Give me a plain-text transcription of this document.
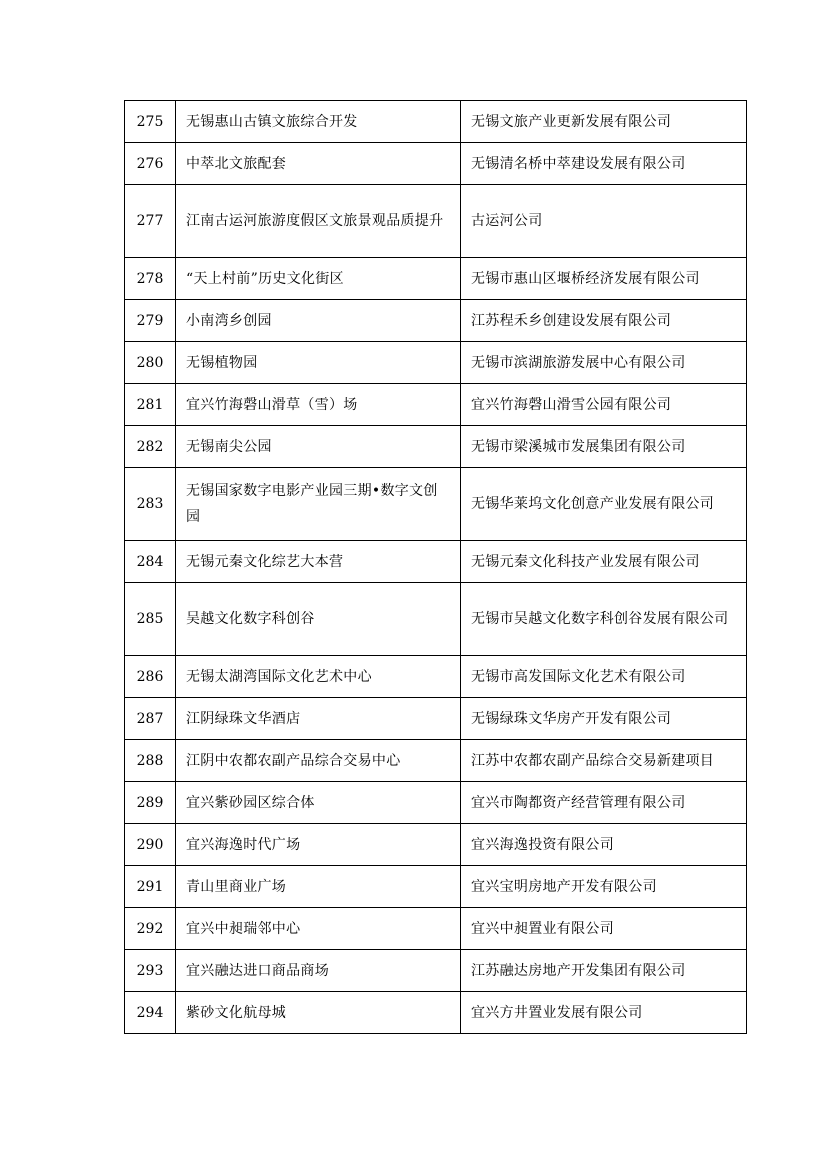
275	无锡惠山古镇文旅综合开发	无锡文旅产业更新发展有限公司
276	中萃北文旅配套	无锡清名桥中萃建设发展有限公司
277	江南古运河旅游度假区文旅景观品质提升	古运河公司
278	“天上村前”历史文化街区	无锡市惠山区堰桥经济发展有限公司
279	小南湾乡创园	江苏程禾乡创建设发展有限公司
280	无锡植物园	无锡市滨湖旅游发展中心有限公司
281	宜兴竹海磬山滑草（雪）场	宜兴竹海磬山滑雪公园有限公司
282	无锡南尖公园	无锡市梁溪城市发展集团有限公司
283	无锡国家数字电影产业园三期•数字文创园	无锡华莱坞文化创意产业发展有限公司
284	无锡元秦文化综艺大本营	无锡元秦文化科技产业发展有限公司
285	吴越文化数字科创谷	无锡市吴越文化数字科创谷发展有限公司
286	无锡太湖湾国际文化艺术中心	无锡市高发国际文化艺术有限公司
287	江阴绿珠文华酒店	无锡绿珠文华房产开发有限公司
288	江阴中农都农副产品综合交易中心	江苏中农都农副产品综合交易新建项目
289	宜兴紫砂园区综合体	宜兴市陶都资产经营管理有限公司
290	宜兴海逸时代广场	宜兴海逸投资有限公司
291	青山里商业广场	宜兴宝明房地产开发有限公司
292	宜兴中昶瑞邻中心	宜兴中昶置业有限公司
293	宜兴融达进口商品商场	江苏融达房地产开发集团有限公司
294	紫砂文化航母城	宜兴方井置业发展有限公司
